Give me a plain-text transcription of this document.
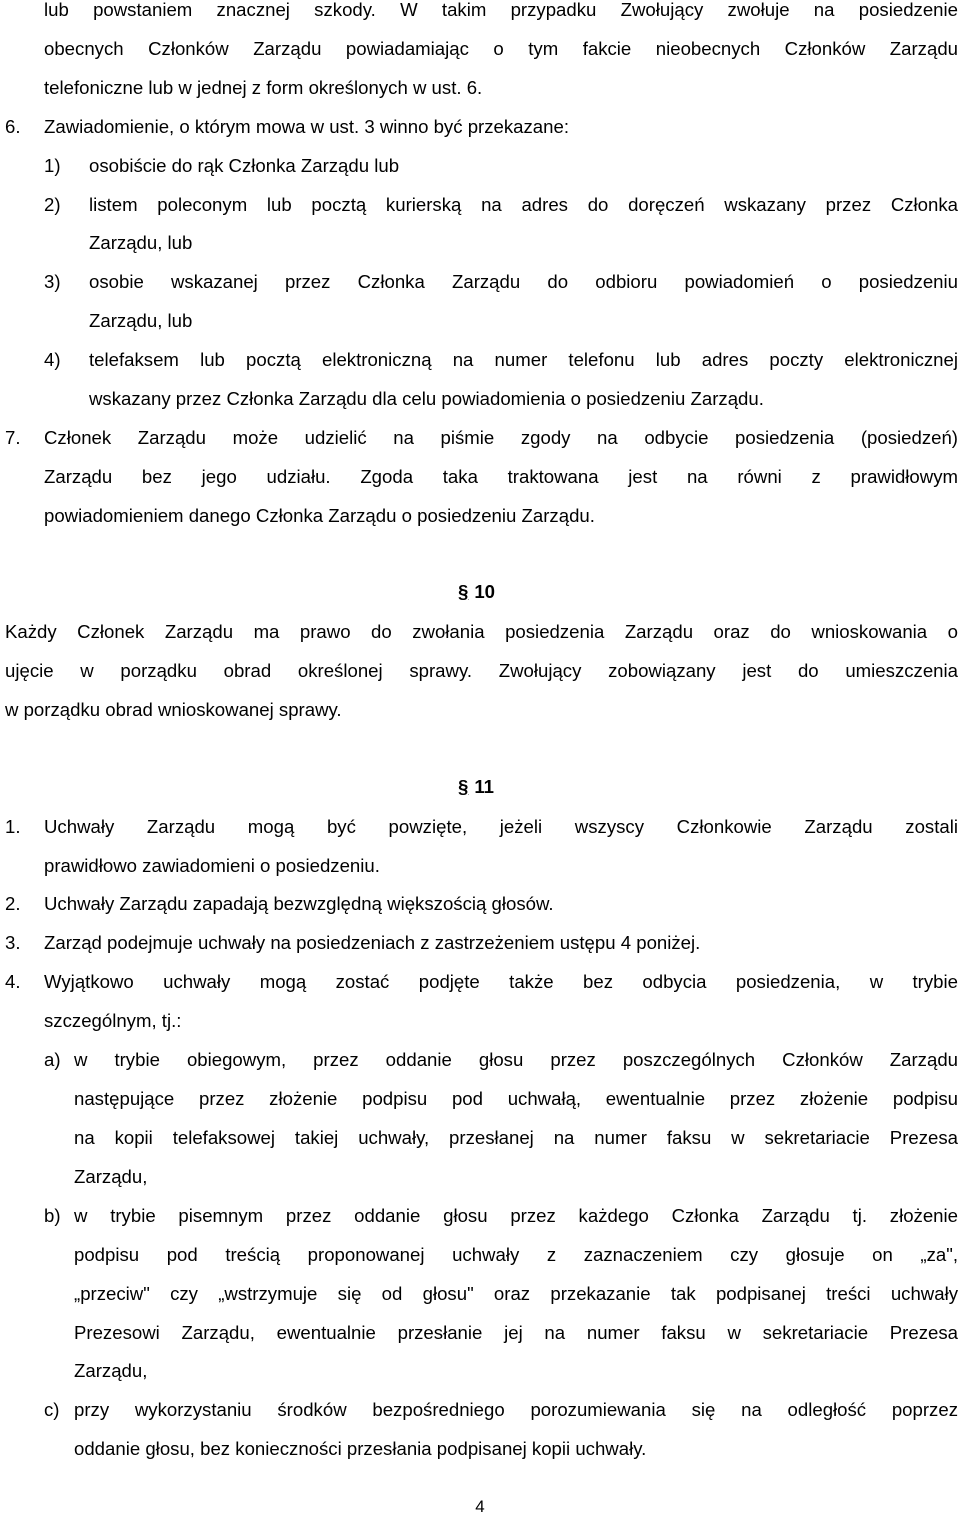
lub powstaniem znacznej szkody. W takim przypadku Zwołujący zwołuje na posiedzenie
obecnych Członków Zarządu powiadamiając o tym fakcie nieobecnych Członków Zarządu
telefoniczne lub w jednej z form określonych w ust. 6.
6. Zawiadomienie, o którym mowa w ust. 3 winno być przekazane:
1) osobiście do rąk Członka Zarządu lub
2) listem poleconym lub pocztą kurierską na adres do doręczeń wskazany przez Członka
Zarządu, lub
3) osobie wskazanej przez Członka Zarządu do odbioru powiadomień o posiedzeniu
Zarządu, lub
4) telefaksem lub pocztą elektroniczną na numer telefonu lub adres poczty elektronicznej
wskazany przez Członka Zarządu dla celu powiadomienia o posiedzeniu Zarządu.
7. Członek Zarządu może udzielić na piśmie zgody na odbycie posiedzenia (posiedzeń)
Zarządu bez jego udziału. Zgoda taka traktowana jest na równi z prawidłowym
powiadomieniem danego Członka Zarządu o posiedzeniu Zarządu.
§ 10
Każdy Członek Zarządu ma prawo do zwołania posiedzenia Zarządu oraz do wnioskowania o
ujęcie w porządku obrad określonej sprawy. Zwołujący zobowiązany jest do umieszczenia
w porządku obrad wnioskowanej sprawy.
§ 11
1. Uchwały Zarządu mogą być powzięte, jeżeli wszyscy Członkowie Zarządu zostali
prawidłowo zawiadomieni o posiedzeniu.
2. Uchwały Zarządu zapadają bezwzględną większością głosów.
3. Zarząd podejmuje uchwały na posiedzeniach z zastrzeżeniem ustępu 4 poniżej.
4. Wyjątkowo uchwały mogą zostać podjęte także bez odbycia posiedzenia, w trybie
szczególnym, tj.:
a) w trybie obiegowym, przez oddanie głosu przez poszczególnych Członków Zarządu
następujące przez złożenie podpisu pod uchwałą, ewentualnie przez złożenie podpisu
na kopii telefaksowej takiej uchwały, przesłanej na numer faksu w sekretariacie Prezesa
Zarządu,
b) w trybie pisemnym przez oddanie głosu przez każdego Członka Zarządu tj. złożenie
podpisu pod treścią proponowanej uchwały z zaznaczeniem czy głosuje on „za",
„przeciw" czy „wstrzymuje się od głosu" oraz przekazanie tak podpisanej treści uchwały
Prezesowi Zarządu, ewentualnie przesłanie jej na numer faksu w sekretariacie Prezesa
Zarządu,
c) przy wykorzystaniu środków bezpośredniego porozumiewania się na odległość poprzez
oddanie głosu, bez konieczności przesłania podpisanej kopii uchwały.
4
